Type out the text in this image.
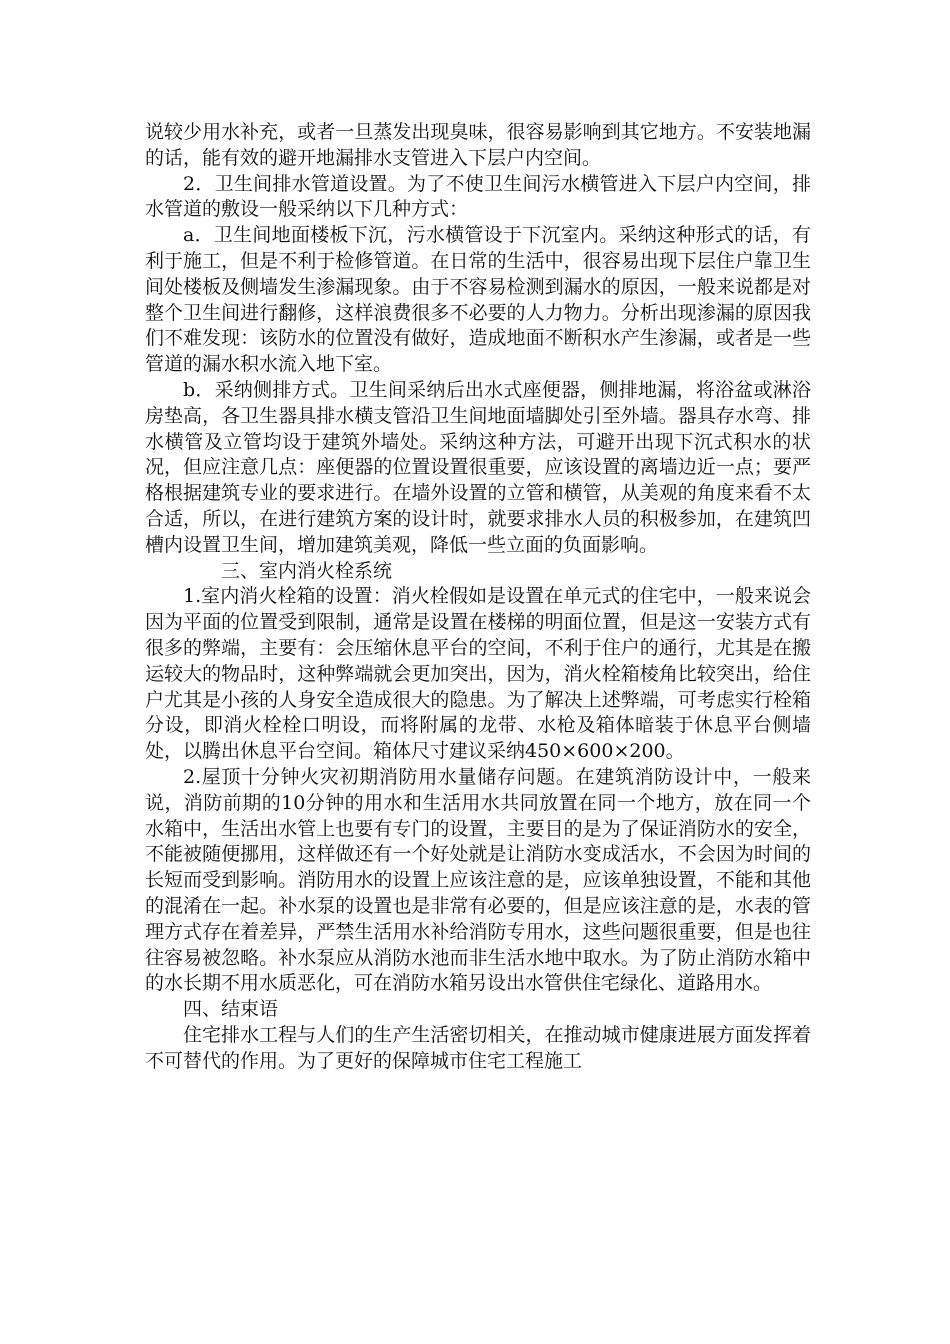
说较少用水补充，或者一旦蒸发出现臭味，很容易影响到其它地方。不安装地漏的话，能有效的避开地漏排水支管进入下层户内空间。

2．卫生间排水管道设置。为了不使卫生间污水横管进入下层户内空间，排水管道的敷设一般采纳以下几种方式：

a．卫生间地面楼板下沉，污水横管设于下沉室内。采纳这种形式的话，有利于施工，但是不利于检修管道。在日常的生活中，很容易出现下层住户靠卫生间处楼板及侧墙发生渗漏现象。由于不容易检测到漏水的原因，一般来说都是对整个卫生间进行翻修，这样浪费很多不必要的人力物力。分析出现渗漏的原因我们不难发现：该防水的位置没有做好，造成地面不断积水产生渗漏，或者是一些管道的漏水积水流入地下室。

b．采纳侧排方式。卫生间采纳后出水式座便器，侧排地漏，将浴盆或淋浴房垫高，各卫生器具排水横支管沿卫生间地面墙脚处引至外墙。器具存水弯、排水横管及立管均设于建筑外墙处。采纳这种方法，可避开出现下沉式积水的状况，但应注意几点：座便器的位置设置很重要，应该设置的离墙边近一点；要严格根据建筑专业的要求进行。在墙外设置的立管和横管，从美观的角度来看不太合适，所以，在进行建筑方案的设计时，就要求排水人员的积极参加，在建筑凹槽内设置卫生间，增加建筑美观，降低一些立面的负面影响。

三、室内消火栓系统

1.室内消火栓箱的设置：消火栓假如是设置在单元式的住宅中，一般来说会因为平面的位置受到限制，通常是设置在楼梯的明面位置，但是这一安装方式有很多的弊端，主要有：会压缩休息平台的空间，不利于住户的通行，尤其是在搬运较大的物品时，这种弊端就会更加突出，因为，消火栓箱棱角比较突出，给住户尤其是小孩的人身安全造成很大的隐患。为了解决上述弊端，可考虑实行栓箱分设，即消火栓栓口明设，而将附属的龙带、水枪及箱体暗装于休息平台侧墙处，以腾出休息平台空间。箱体尺寸建议采纳450×600×200。

2.屋顶十分钟火灾初期消防用水量储存问题。在建筑消防设计中，一般来说，消防前期的10分钟的用水和生活用水共同放置在同一个地方，放在同一个水箱中，生活出水管上也要有专门的设置，主要目的是为了保证消防水的安全，不能被随便挪用，这样做还有一个好处就是让消防水变成活水，不会因为时间的长短而受到影响。消防用水的设置上应该注意的是，应该单独设置，不能和其他的混淆在一起。补水泵的设置也是非常有必要的，但是应该注意的是，水表的管理方式存在着差异，严禁生活用水补给消防专用水，这些问题很重要，但是也往往容易被忽略。补水泵应从消防水池而非生活水地中取水。为了防止消防水箱中的水长期不用水质恶化，可在消防水箱另设出水管供住宅绿化、道路用水。

四、结束语

住宅排水工程与人们的生产生活密切相关，在推动城市健康进展方面发挥着不可替代的作用。为了更好的保障城市住宅工程施工
